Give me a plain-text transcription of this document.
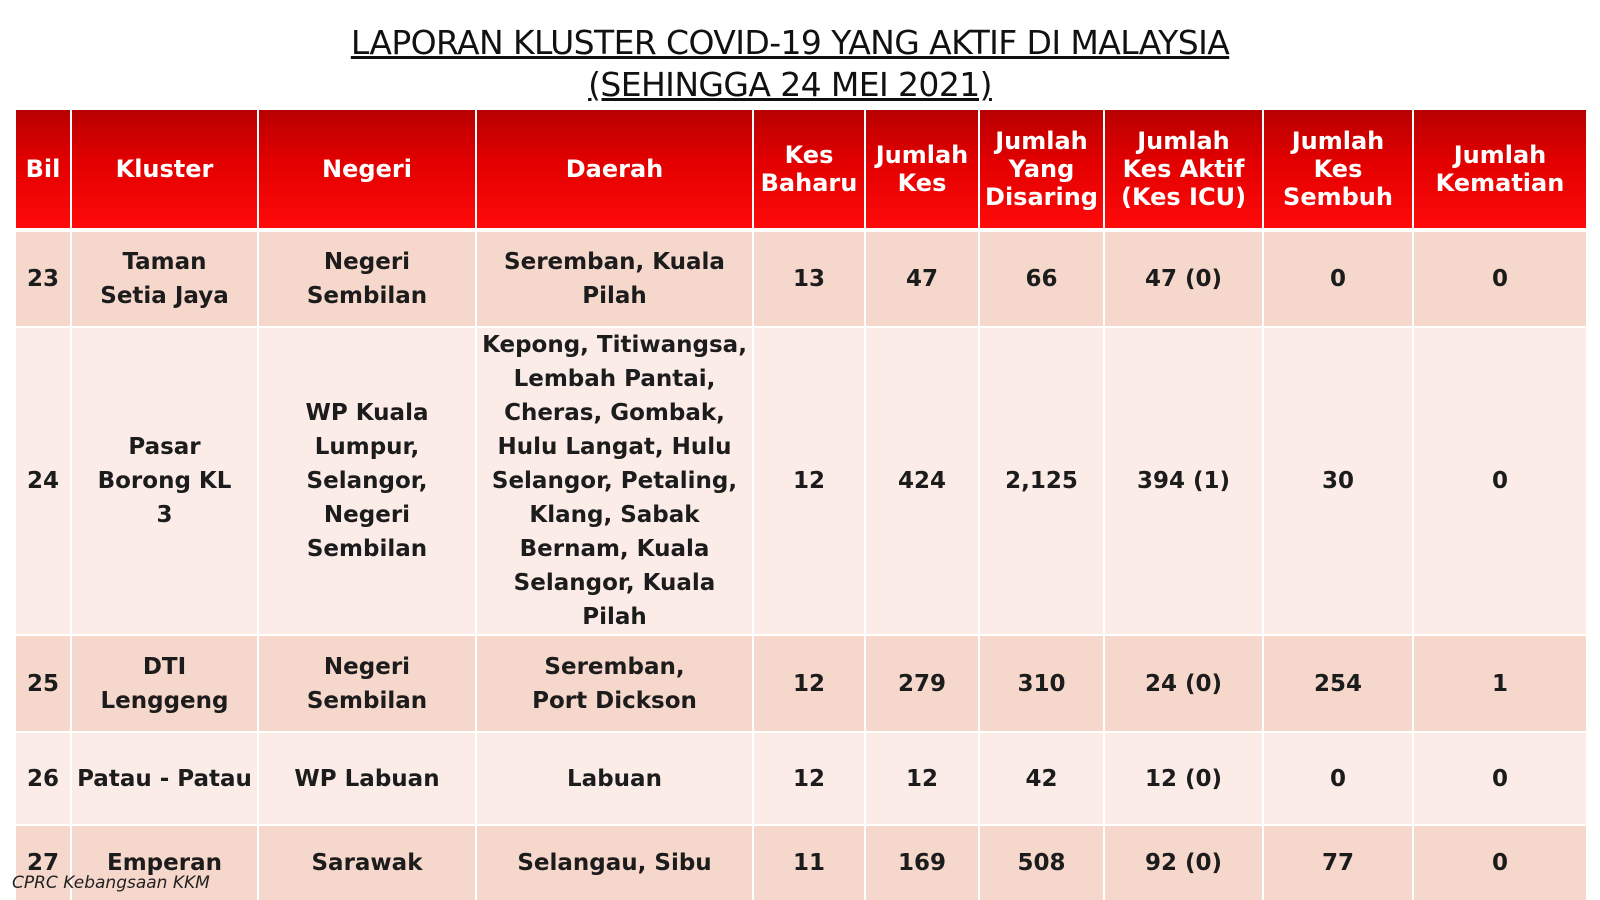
LAPORAN KLUSTER COVID-19 YANG AKTIF DI MALAYSIA
(SEHINGGA 24 MEI 2021)
Bil	Kluster	Negeri	Daerah	Kes Baharu	Jumlah Kes	Jumlah Yang Disaring	Jumlah Kes Aktif (Kes ICU)	Jumlah Kes Sembuh	Jumlah Kematian
23	Taman Setia Jaya	Negeri Sembilan	Seremban, Kuala Pilah	13	47	66	47 (0)	0	0
24	Pasar Borong KL 3	WP Kuala Lumpur, Selangor, Negeri Sembilan	Kepong, Titiwangsa, Lembah Pantai, Cheras, Gombak, Hulu Langat, Hulu Selangor, Petaling, Klang, Sabak Bernam, Kuala Selangor, Kuala Pilah	12	424	2,125	394 (1)	30	0
25	DTI Lenggeng	Negeri Sembilan	Seremban, Port Dickson	12	279	310	24 (0)	254	1
26	Patau - Patau	WP Labuan	Labuan	12	12	42	12 (0)	0	0
27	Emperan	Sarawak	Selangau, Sibu	11	169	508	92 (0)	77	0
CPRC Kebangsaan KKM
